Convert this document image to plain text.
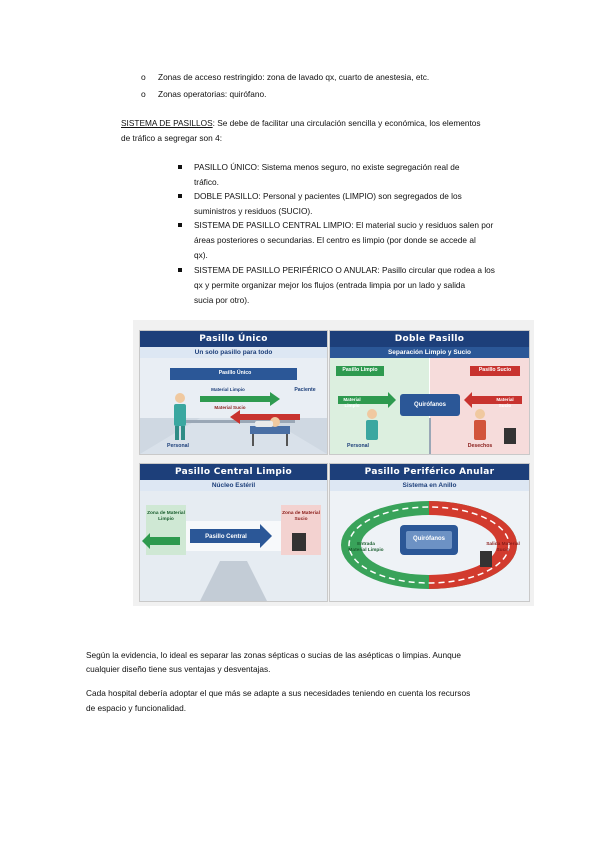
o Zonas de acceso restringido: zona de lavado qx, cuarto de anestesia, etc.
o Zonas operatorias: quirófano.
SISTEMA DE PASILLOS: Se debe de facilitar una circulación sencilla y económica, los elementos
de tráfico a segregar son 4:
PASILLO ÚNICO: Sistema menos seguro, no existe segregación real de
tráfico.
DOBLE PASILLO: Personal y pacientes (LIMPIO) son segregados de los
suministros y residuos (SUCIO).
SISTEMA DE PASILLO CENTRAL LIMPIO: El material sucio y residuos salen por
áreas posteriores o secundarias. El centro es limpio (por donde se accede al
qx).
SISTEMA DE PASILLO PERIFÉRICO O ANULAR: Pasillo circular que rodea a los
qx y permite organizar mejor los flujos (entrada limpia por un lado y salida
sucia por otro).
Pasillo Único
Un solo pasillo para todo
Pasillo Único
Material Limpio
Material Sucio
Paciente
Personal
Doble Pasillo
Separación Limpio y Sucio
Pasillo Limpio	Pasillo Sucio
Material Limpio
Material Sucio
Quirófanos
Personal	Desechos
Pasillo Central Limpio
Núcleo Estéril
Zona de Material Limpio
Zona de Material Sucio
Pasillo Central
Pasillo Periférico Anular
Sistema en Anillo
Quirófanos
Entrada Material Limpio
Salida Material Sucio
Según la evidencia, lo ideal es separar las zonas sépticas o sucias de las asépticas o limpias. Aunque
cualquier diseño tiene sus ventajas y desventajas.
Cada hospital debería adoptar el que más se adapte a sus necesidades teniendo en cuenta los recursos
de espacio y funcionalidad.
